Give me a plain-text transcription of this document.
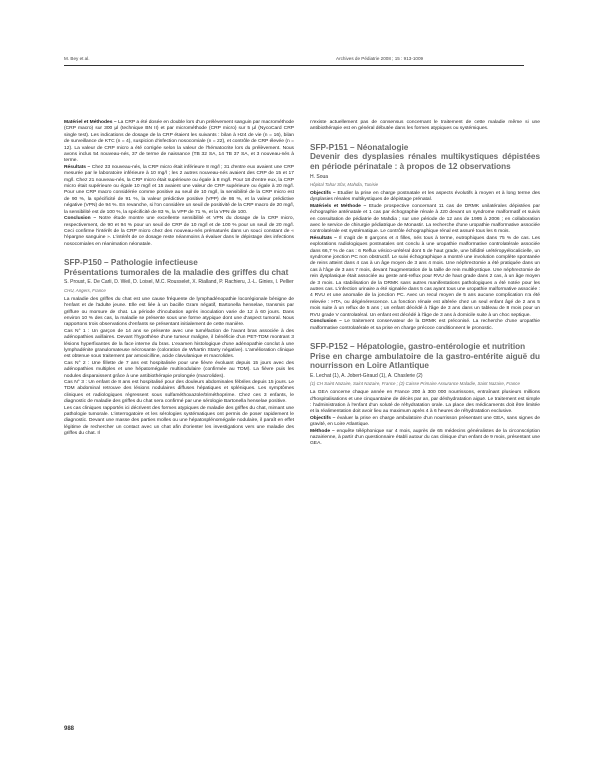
M. Bey et al.	Archives de Pédiatrie 2008 ; 15 : 913-1009

Matériel et Méthodes – La CRP a été dosée en double lors d'un prélèvement sanguin par macrométhode (CRP macro) sur 300 µl (technique BN II) et par microméthode (CRP micro) sur 5 µl (NycoCard CRP single test). Les indications de dosage de la CRP étaient les suivants : bilan à H24 de vie (n = 16), bilan de surveillance de KTC (n = 4), suspicion d'infection nosocomiale (n = 22), et contrôle de CRP élevée (n = 12). La valeur de CRP micro a été corrigée selon la valeur de l'hématocrite lors du prélèvement. Nous avons inclus 54 nouveau-nés, 37 de terme de naissance (TB 32 SA, 14 TB 37 SA, et 3 nouveau-nés à terme.

Résultats – Chez 33 nouveau-nés, la CRP micro était inférieure 8 mg/l ; 31 d'entre eux avaient une CRP mesurée par le laboratoire inférieure à 10 mg/l ; les 2 autres nouveau-nés avaient des CRP de 15 et 17 mg/l. Chez 21 nouveau-nés, la CRP micro était supérieure ou égale à 8 mg/l. Pour 18 d'entre eux, la CRP micro était supérieure ou égale 10 mg/l et 15 avaient une valeur de CRP supérieure ou égale à 20 mg/l. Pour une CRP macro considérée comme positive au seuil de 10 mg/l, la sensibilité de la CRP micro est de 90 %, la spécificité de 91 %, la valeur prédictive positive (VPP) de 86 %, et la valeur prédictive négative (VPN) de 94 %. En revanche, si l'on considère un seuil de positivité de la CRP macro de 20 mg/l, la sensibilité est de 100 %, la spécificité de 83 %, la VPP de 71 %, et la VPN de 100.

Conclusion – Notre étude montre une excellente sensibilité et VPN du dosage de la CRP micro, respectivement, de 90 et 94 % pour un seuil de CRP de 10 mg/l et de 100 % pour un seuil de 20 mg/l. Ceci confirme l'intérêt de la CRP micro chez des nouveau-nés prématurés dans un souci constant de « l'épargne sanguine ». L'intérêt de ce dosage reste néanmoins à évaluer dans le dépistage des infections nosocomiales en réanimation néonatale.

SFP-P150 – Pathologie infectieuse
Présentations tumorales de la maladie des griffes du chat
S. Proust, E. De Carli, D. Weil, D. Loisel, M.C. Rousselet, X. Rialland, P. Rachieru, J.-L. Ginies, I. Pellier
CHU, Angers, France

La maladie des griffes du chat est une cause fréquente de lymphadénopathie locorégionale bénigne de l'enfant et de l'adulte jeune. Elle est liée à un bacille Gram négatif, Bartonella henselae, transmis par griffure ou morsure de chat. La période d'incubation après inoculation varie de 12 à 60 jours. Dans environ 10 % des cas, la maladie se présente sous une forme atypique dont une d'aspect tumoral. Nous rapportons trois observations d'enfants se présentant initialement de cette manière.

Cas N° 1 : Un garçon de 14 ans se présente avec une tuméfaction de l'avant bras associée à des adénopathies axillaires. Devant l'hypothèse d'une tumeur maligne, il bénéficie d'un PET-TDM montrant 3 lésions hyperfixantes de la face interne du bras. L'examen histologique d'une adénopathie conclut à une lymphadénite granulomateuse nécrosante (coloration de Whartin Starry négative). L'amélioration clinique est obtenue sous traitement par amoxicilline, acide clavulanique et macrolides.

Cas N° 2 : Une fillette de 7 ans est hospitalisée pour une fièvre évoluant depuis 15 jours avec des adénopathies multiples et une hépatomégalie multinodulaire (confirmée au TDM). La fièvre puis les nodules disparaissent grâce à une antibiothérapie prolongée (macrolides).

Cas N° 3 : Un enfant de 8 ans est hospitalisé pour des douleurs abdominales fébriles depuis 15 jours. Le TDM abdominal retrouve des lésions nodulaires diffuses hépatiques et spléniques. Les symptômes cliniques et radiologiques régressent sous sulfaméthoxazole/triméthoprime. Chez ces 3 enfants, le diagnostic de maladie des griffes du chat sera confirmé par une sérologie Bartonella henselae positive.

Les cas cliniques rapportés ici décrivent des formes atypiques de maladie des griffes du chat, mimant une pathologie tumorale. L'interrogatoire et les sérologies systématiques ont permis de poser rapidement le diagnostic. Devant une masse des parties molles ou une hépatosplénomégalie nodulaire, il paraît en effet légitime de rechercher un contact avec un chat afin d'orienter les investigations vers une maladie des griffes du chat. Il

n'existe actuellement pas de consensus concernant le traitement de cette maladie même si une antibiothérapie est en général débutée dans les formes atypiques ou systémiques.

SFP-P151 – Néonatalogie
Devenir des dysplasies rénales multikystiques dépistées en période périnatale : à propos de 12 observations
H. Soua
Hôpital Tahar Sfar, Mahdia, Tunisie

Objectifs – Etudier la prise en charge postnatale et les aspects évolutifs à moyen et à long terme des dysplasies rénales multikystiques de dépistage prénatal.

Matériels et Méthode – Etude prospective concernant 11 cas de DRMK unilatérales dépistées par échographie anténatale et 1 cas par échographie rénale à J20 devant un syndrome malformatif et suivis en consultation de pédiatrie de Mahdia ; sur une période de 12 ans de 1995 à 2006 ; en collaboration avec le service de chirurgie pédiatrique de Monastir. La recherche d'une uropathie malformative associée controlatérale est systématique. Le contrôle échographique rénal est assuré tous les 6 mois.

Résultats – Il s'agit de 8 garçons et 4 filles, nés tous à terme, eutrophiques dans 75 % de cas. Les explorations radiologiques postnatales ont conclu à une uropathie malformative controlatérale associée dans 66,7 % de cas : 6 Reflux vésico-urétéral dont 5 de haut grade, une bifidité urétéropyélocalicielle, un syndrome jonction PC non obstructif. Le suivi échographique a montré une involution complète spontanée de reins atteint dans 4 cas à un âge moyen de 3 ans 4 mois. Une néphrectomie a été pratiquée dans un cas à l'âge de 3 ans 7 mois, devant l'augmentation de la taille de rein multikystique. Une néphrectomie de rein dysplasique était associée au geste anti-reflux pour RVU de haut grade dans 2 cas, à un âge moyen de 3 mois. La stabilisation de la DRMK sans autres manifestations pathologiques a été notée pour les autres cas. L'infection urinaire a été signalée dans 5 cas ayant tous une uropathie malformative associée : 4 RVU et une anomalie de la jonction PC. Avec un recul moyen de 5 ans aucune complication n'a été relevée : HTA, ou dégénérescence. La fonction rénale est altérée chez un seul enfant âgé de 2 ans 5 mois suite à un reflux de 5 ans ; un enfant décédé à l'âge de 3 ans dans un tableau de 8 mois pour un RVU grade V controlatéral. Un enfant est décédé à l'âge de 3 ans à domicile suite à un choc septique.

Conclusion – Le traitement conservateur de la DRMK est préconisé. La recherche d'une uropathie malformative controlatérale et sa prise en charge précoce conditionnent le pronostic.

SFP-P152 – Hépatologie, gastro-entérologie et nutrition
Prise en charge ambulatoire de la gastro-entérite aiguë du nourrisson en Loire Atlantique
E. Lechat (1), A. Jobert-Giraud (1), A. Chaslerie (2)
(1) CH Saint Nazaire, Saint Nazaire, France ; (2) Caisse Primaire Assurance Maladie, Saint Nazaire, France

La GEA concerne chaque année en France 200 à 300 000 nourrissons, entraînant plusieurs millions d'hospitalisations et une cinquantaine de décès par an, par déshydratation aiguë. Le traitement est simple : l'administration à l'enfant d'un soluté de réhydratation orale. La place des médicaments doit être limitée et la réalimentation doit avoir lieu au maximum après 4 à 6 heures de réhydratation exclusive.

Objectifs – évaluer la prise en charge ambulatoire d'un nourrisson présentant une GEA, sans signes de gravité, en Loire Atlantique.

Méthode – enquête téléphonique sur 4 mois, auprès de 65 médecins généralistes de la circonscription nazairienne, à partir d'un questionnaire établi autour du cas clinique d'un enfant de 9 mois, présentant une GEA.

988
